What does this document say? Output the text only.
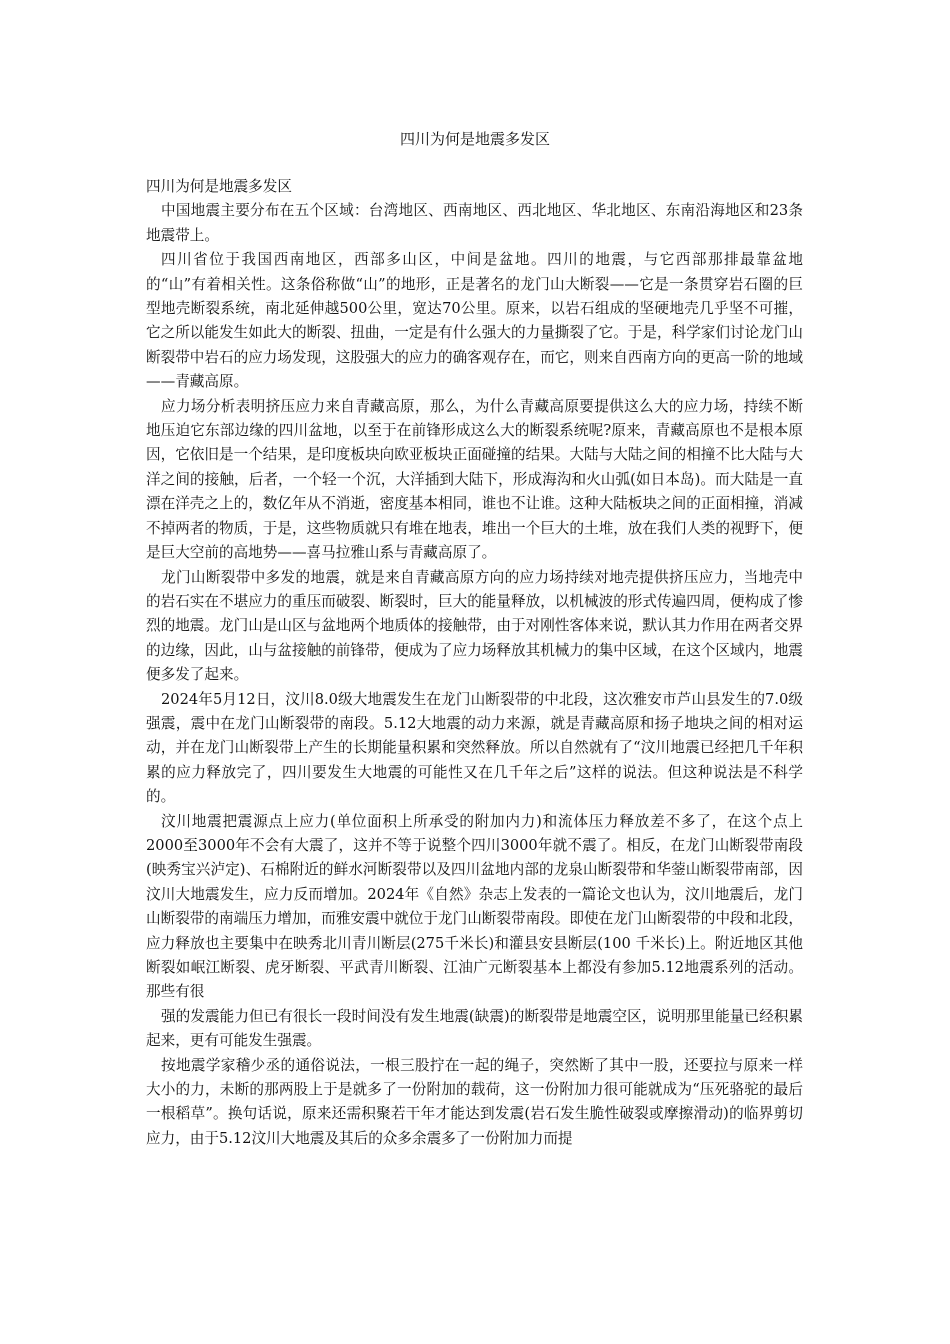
四川为何是地震多发区

四川为何是地震多发区

中国地震主要分布在五个区域：台湾地区、西南地区、西北地区、华北地区、东南沿海地区和23条地震带上。

四川省位于我国西南地区，西部多山区，中间是盆地。四川的地震，与它西部那排最靠盆地的“山”有着相关性。这条俗称做“山”的地形，正是著名的龙门山大断裂——它是一条贯穿岩石圈的巨型地壳断裂系统，南北延伸越500公里，宽达70公里。原来，以岩石组成的坚硬地壳几乎坚不可摧，它之所以能发生如此大的断裂、扭曲，一定是有什么强大的力量撕裂了它。于是，科学家们讨论龙门山断裂带中岩石的应力场发现，这股强大的应力的确客观存在，而它，则来自西南方向的更高一阶的地域——青藏高原。

应力场分析表明挤压应力来自青藏高原，那么，为什么青藏高原要提供这么大的应力场，持续不断地压迫它东部边缘的四川盆地，以至于在前锋形成这么大的断裂系统呢?原来，青藏高原也不是根本原因，它依旧是一个结果，是印度板块向欧亚板块正面碰撞的结果。大陆与大陆之间的相撞不比大陆与大洋之间的接触，后者，一个轻一个沉，大洋插到大陆下，形成海沟和火山弧(如日本岛)。而大陆是一直漂在洋壳之上的，数亿年从不消逝，密度基本相同，谁也不让谁。这种大陆板块之间的正面相撞，消减不掉两者的物质，于是，这些物质就只有堆在地表，堆出一个巨大的土堆，放在我们人类的视野下，便是巨大空前的高地势——喜马拉雅山系与青藏高原了。

龙门山断裂带中多发的地震，就是来自青藏高原方向的应力场持续对地壳提供挤压应力，当地壳中的岩石实在不堪应力的重压而破裂、断裂时，巨大的能量释放，以机械波的形式传遍四周，便构成了惨烈的地震。龙门山是山区与盆地两个地质体的接触带，由于对刚性客体来说，默认其力作用在两者交界的边缘，因此，山与盆接触的前锋带，便成为了应力场释放其机械力的集中区域，在这个区域内，地震便多发了起来。

2024年5月12日，汶川8.0级大地震发生在龙门山断裂带的中北段，这次雅安市芦山县发生的7.0级强震，震中在龙门山断裂带的南段。5.12大地震的动力来源，就是青藏高原和扬子地块之间的相对运动，并在龙门山断裂带上产生的长期能量积累和突然释放。所以自然就有了“汶川地震已经把几千年积累的应力释放完了，四川要发生大地震的可能性又在几千年之后”这样的说法。但这种说法是不科学的。

汶川地震把震源点上应力(单位面积上所承受的附加内力)和流体压力释放差不多了，在这个点上2000至3000年不会有大震了，这并不等于说整个四川3000年就不震了。相反，在龙门山断裂带南段(映秀宝兴泸定)、石棉附近的鲜水河断裂带以及四川盆地内部的龙泉山断裂带和华蓥山断裂带南部，因汶川大地震发生，应力反而增加。2024年《自然》杂志上发表的一篇论文也认为，汶川地震后，龙门山断裂带的南端压力增加，而雅安震中就位于龙门山断裂带南段。即使在龙门山断裂带的中段和北段，应力释放也主要集中在映秀北川青川断层(275千米长)和灌县安县断层(100 千米长)上。附近地区其他断裂如岷江断裂、虎牙断裂、平武青川断裂、江油广元断裂基本上都没有参加5.12地震系列的活动。那些有很

强的发震能力但已有很长一段时间没有发生地震(缺震)的断裂带是地震空区，说明那里能量已经积累起来，更有可能发生强震。

按地震学家稽少丞的通俗说法，一根三股拧在一起的绳子，突然断了其中一股，还要拉与原来一样大小的力，未断的那两股上于是就多了一份附加的载荷，这一份附加力很可能就成为“压死骆驼的最后一根稻草”。换句话说，原来还需积聚若干年才能达到发震(岩石发生脆性破裂或摩擦滑动)的临界剪切应力，由于5.12汶川大地震及其后的众多余震多了一份附加力而提
